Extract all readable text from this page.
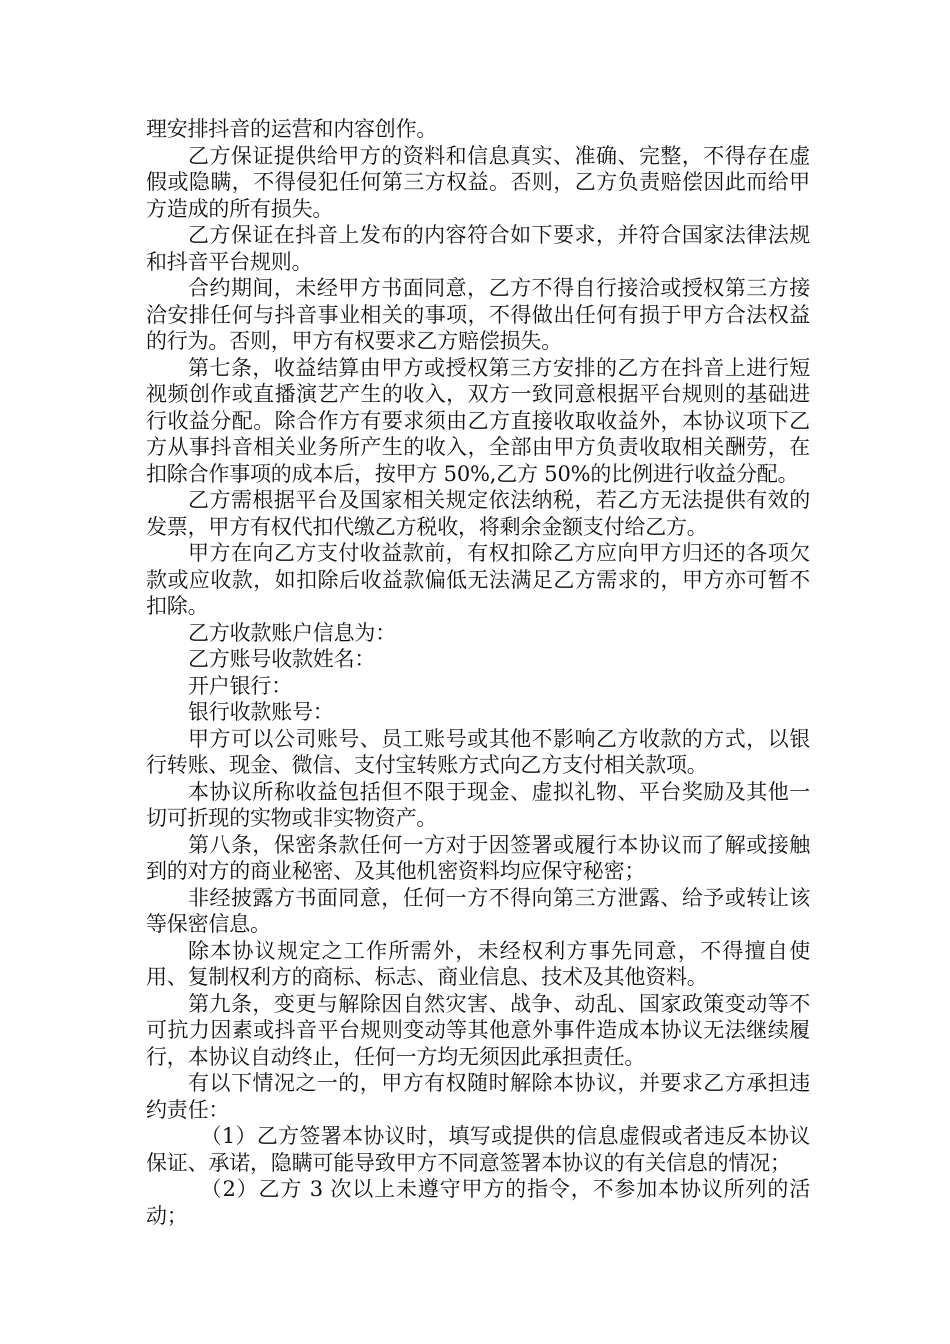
理安排抖音的运营和内容创作。

乙方保证提供给甲方的资料和信息真实、准确、完整，不得存在虚假或隐瞒，不得侵犯任何第三方权益。否则，乙方负责赔偿因此而给甲方造成的所有损失。

乙方保证在抖音上发布的内容符合如下要求，并符合国家法律法规和抖音平台规则。

合约期间，未经甲方书面同意，乙方不得自行接洽或授权第三方接洽安排任何与抖音事业相关的事项，不得做出任何有损于甲方合法权益的行为。否则，甲方有权要求乙方赔偿损失。

第七条，收益结算由甲方或授权第三方安排的乙方在抖音上进行短视频创作或直播演艺产生的收入，双方一致同意根据平台规则的基础进行收益分配。除合作方有要求须由乙方直接收取收益外，本协议项下乙方从事抖音相关业务所产生的收入，全部由甲方负责收取相关酬劳，在扣除合作事项的成本后，按甲方 50%,乙方 50%的比例进行收益分配。

乙方需根据平台及国家相关规定依法纳税，若乙方无法提供有效的发票，甲方有权代扣代缴乙方税收，将剩余金额支付给乙方。

甲方在向乙方支付收益款前，有权扣除乙方应向甲方归还的各项欠款或应收款，如扣除后收益款偏低无法满足乙方需求的，甲方亦可暂不扣除。

乙方收款账户信息为：

乙方账号收款姓名：

开户银行：

银行收款账号：

甲方可以公司账号、员工账号或其他不影响乙方收款的方式，以银行转账、现金、微信、支付宝转账方式向乙方支付相关款项。

本协议所称收益包括但不限于现金、虚拟礼物、平台奖励及其他一切可折现的实物或非实物资产。

第八条，保密条款任何一方对于因签署或履行本协议而了解或接触到的对方的商业秘密、及其他机密资料均应保守秘密；

非经披露方书面同意，任何一方不得向第三方泄露、给予或转让该等保密信息。

除本协议规定之工作所需外，未经权利方事先同意，不得擅自使用、复制权利方的商标、标志、商业信息、技术及其他资料。

第九条，变更与解除因自然灾害、战争、动乱、国家政策变动等不可抗力因素或抖音平台规则变动等其他意外事件造成本协议无法继续履行，本协议自动终止，任何一方均无须因此承担责任。

有以下情况之一的，甲方有权随时解除本协议，并要求乙方承担违约责任：

（1）乙方签署本协议时，填写或提供的信息虚假或者违反本协议保证、承诺，隐瞒可能导致甲方不同意签署本协议的有关信息的情况；

（2）乙方 3 次以上未遵守甲方的指令，不参加本协议所列的活动；
